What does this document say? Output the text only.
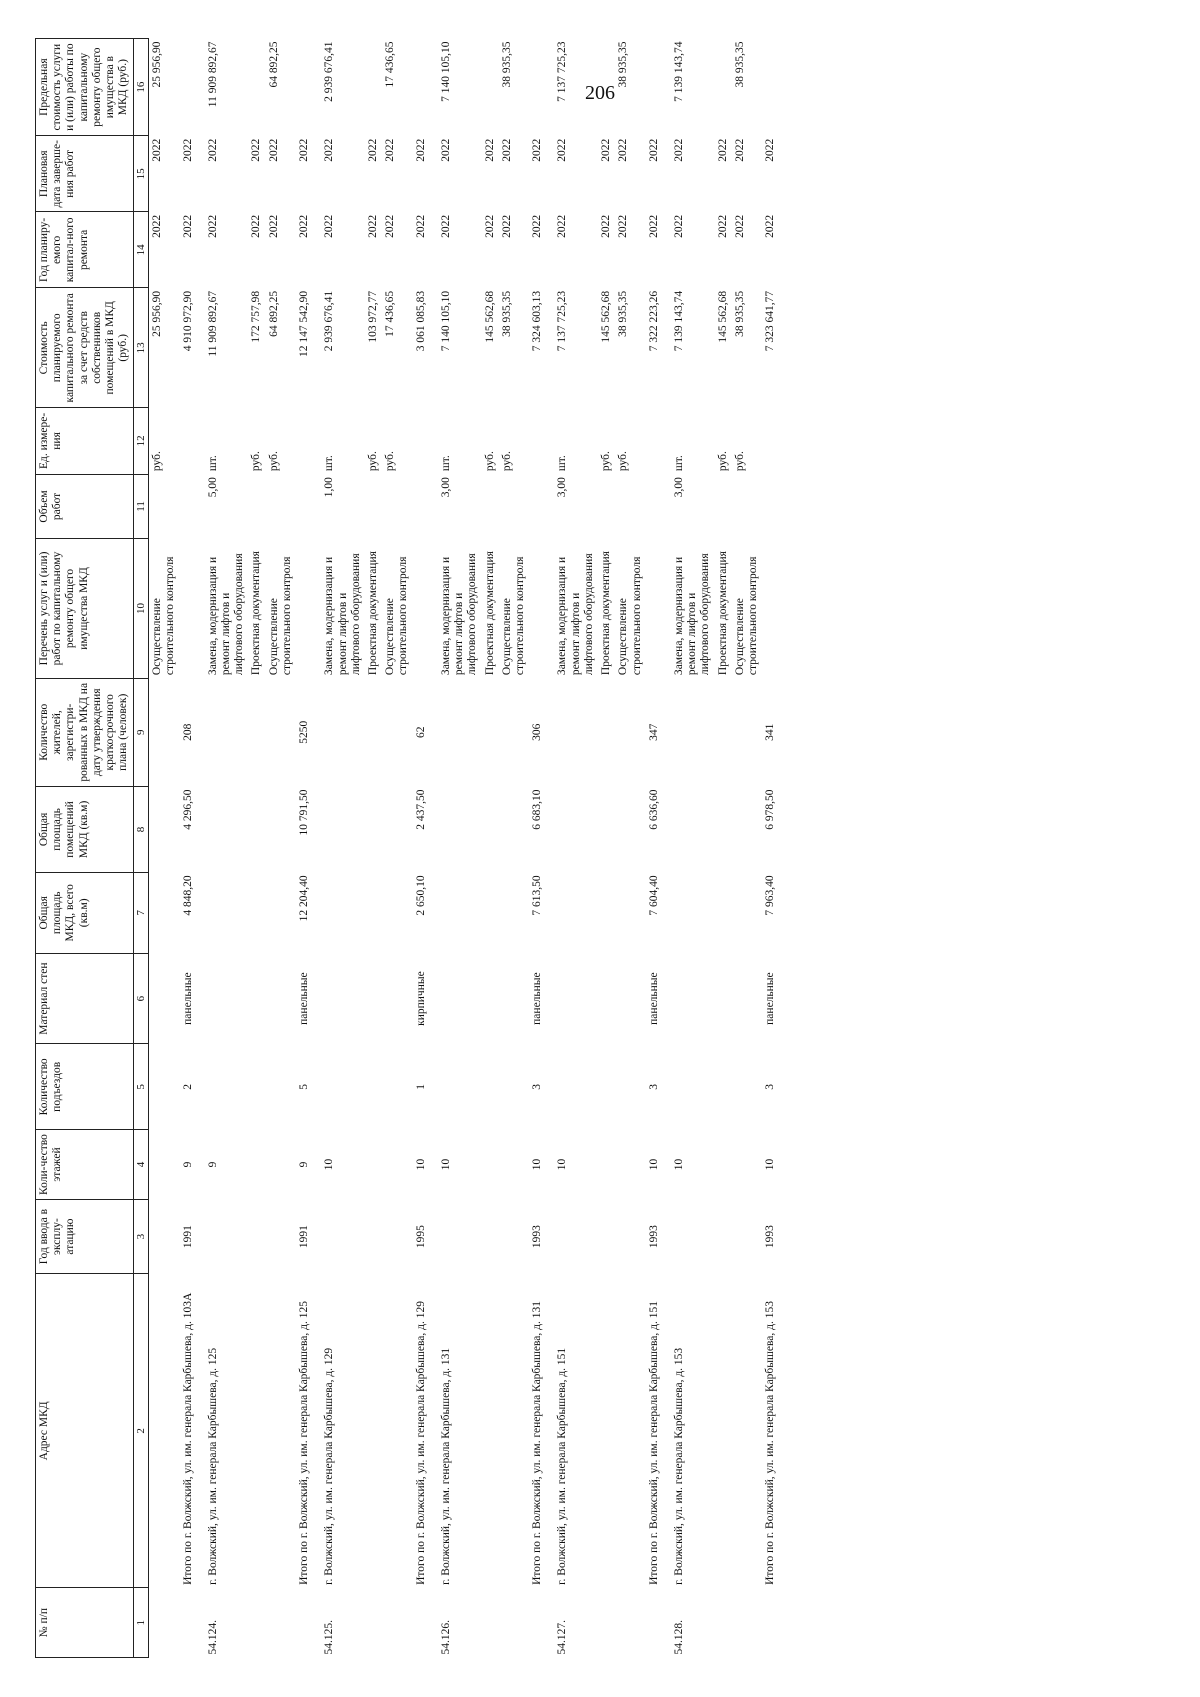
206
№ п/п	Адрес МКД	Год ввода в эксплу-атацию	Коли-чество этажей	Количество подъездов	Материал стен	Общая площадь МКД, всего (кв.м)	Общая площадь помещений МКД (кв.м)	Количество жителей, зарегистри-рованных в МКД на дату утверждения краткосрочного плана (человек)	Перечень услуг и (или) работ по капитальному ремонту общего имущества МКД	Объем работ	Ед. измере-ния	Стоимость планируемого капитального ремонта за счет средств собственников помещений в МКД (руб.)	Год планиру-емого капитал-ного ремонта	Плановая дата заверше-ния работ	Предельная стоимость услуги и (или) работы по капитальному ремонту общего имущества в МКД (руб.)
1	2	3	4	5	6	7	8	9	10	11	12	13	14	15	16
									Осуществление строительного контроля		руб.	25 956,90	2022	2022	25 956,90
	Итого по г. Волжский, ул. им. генерала Карбышева, д. 103А	1991	9	2	панельные	4 848,20	4 296,50	208				4 910 972,90	2022	2022	
54.124.	г. Волжский, ул. им. генерала Карбышева, д. 125		9						Замена, модернизация и ремонт лифтов и лифтового оборудования	5,00	шт.	11 909 892,67	2022	2022	11 909 892,67
									Проектная документация		руб.	172 757,98	2022	2022	
									Осуществление строительного контроля		руб.	64 892,25	2022	2022	64 892,25
	Итого по г. Волжский, ул. им. генерала Карбышева, д. 125	1991	9	5	панельные	12 204,40	10 791,50	5250				12 147 542,90	2022	2022	
54.125.	г. Волжский, ул. им. генерала Карбышева, д. 129		10						Замена, модернизация и ремонт лифтов и лифтового оборудования	1,00	шт.	2 939 676,41	2022	2022	2 939 676,41
									Проектная документация		руб.	103 972,77	2022	2022	
									Осуществление строительного контроля		руб.	17 436,65	2022	2022	17 436,65
	Итого по г. Волжский, ул. им. генерала Карбышева, д. 129	1995	10	1	кирпичные	2 650,10	2 437,50	62				3 061 085,83	2022	2022	
54.126.	г. Волжский, ул. им. генерала Карбышева, д. 131		10						Замена, модернизация и ремонт лифтов и лифтового оборудования	3,00	шт.	7 140 105,10	2022	2022	7 140 105,10
									Проектная документация		руб.	145 562,68	2022	2022	
									Осуществление строительного контроля		руб.	38 935,35	2022	2022	38 935,35
	Итого по г. Волжский, ул. им. генерала Карбышева, д. 131	1993	10	3	панельные	7 613,50	6 683,10	306				7 324 603,13	2022	2022	
54.127.	г. Волжский, ул. им. генерала Карбышева, д. 151		10						Замена, модернизация и ремонт лифтов и лифтового оборудования	3,00	шт.	7 137 725,23	2022	2022	7 137 725,23
									Проектная документация		руб.	145 562,68	2022	2022	
									Осуществление строительного контроля		руб.	38 935,35	2022	2022	38 935,35
	Итого по г. Волжский, ул. им. генерала Карбышева, д. 151	1993	10	3	панельные	7 604,40	6 636,60	347				7 322 223,26	2022	2022	
54.128.	г. Волжский, ул. им. генерала Карбышева, д. 153		10						Замена, модернизация и ремонт лифтов и лифтового оборудования	3,00	шт.	7 139 143,74	2022	2022	7 139 143,74
									Проектная документация		руб.	145 562,68	2022	2022	
									Осуществление строительного контроля		руб.	38 935,35	2022	2022	38 935,35
	Итого по г. Волжский, ул. им. генерала Карбышева, д. 153	1993	10	3	панельные	7 963,40	6 978,50	341				7 323 641,77	2022	2022	
